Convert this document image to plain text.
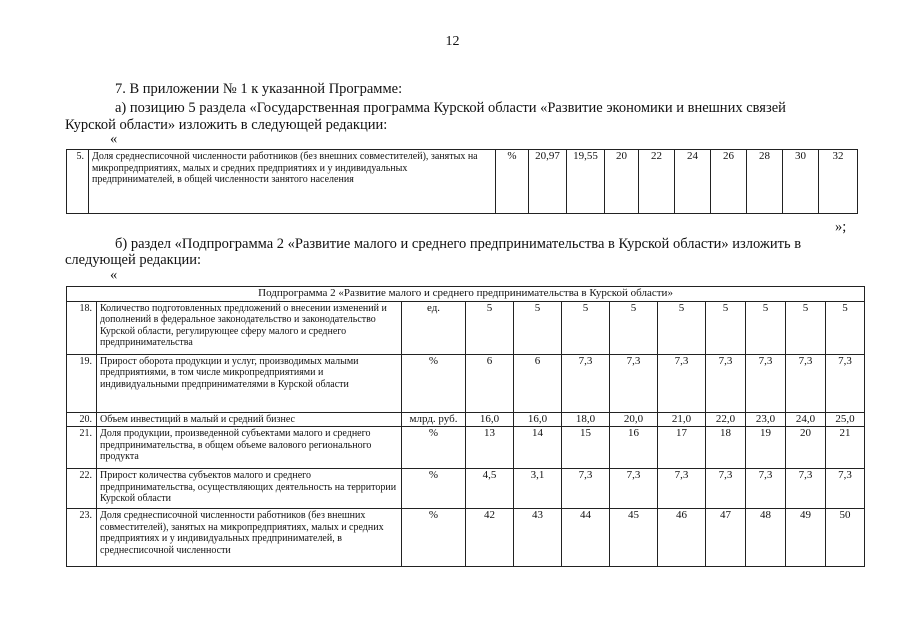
12
7. В приложении № 1 к указанной Программе:
а) позицию 5 раздела «Государственная программа Курской области «Развитие экономики и внешних связей
Курской области» изложить в следующей редакции:
«
5.	Доля среднесписочной численности работников (без внешних совместителей), занятых на микропредприятиях, малых и средних предприятиях и у индивидуальных предпринимателей, в общей численности занятого населения	%	20,97	19,55	20	22	24	26	28	30	32
»;
б) раздел «Подпрограмма 2 «Развитие малого и среднего предпринимательства в Курской области» изложить в
следующей редакции:
«
Подпрограмма 2 «Развитие малого и среднего предпринимательства в Курской области»											
18.	Количество подготовленных предложений о внесении изменений и дополнений в федеральное законодательство и законодательство Курской области, регулирующее сферу малого и среднего предпринимательства	ед.	5	5	5	5	5	5	5	5	5
19.	Прирост оборота продукции и услуг, производимых малыми предприятиями, в том числе микропредприятиями и индивидуальными предпринимателями в Курской области	%	6	6	7,3	7,3	7,3	7,3	7,3	7,3	7,3
20.	Объем инвестиций в малый и средний бизнес	млрд. руб.	16,0	16,0	18,0	20,0	21,0	22,0	23,0	24,0	25,0
21.	Доля продукции, произведенной субъектами малого и среднего предпринимательства, в общем объеме валового регионального продукта	%	13	14	15	16	17	18	19	20	21
22.	Прирост количества субъектов малого и среднего предпринимательства, осуществляющих деятельность на территории Курской области	%	4,5	3,1	7,3	7,3	7,3	7,3	7,3	7,3	7,3
23.	Доля среднесписочной численности работников (без внешних совместителей), занятых на микропредприятиях, малых и средних предприятиях и у индивидуальных предпринимателей, в среднесписочной численности	%	42	43	44	45	46	47	48	49	50
